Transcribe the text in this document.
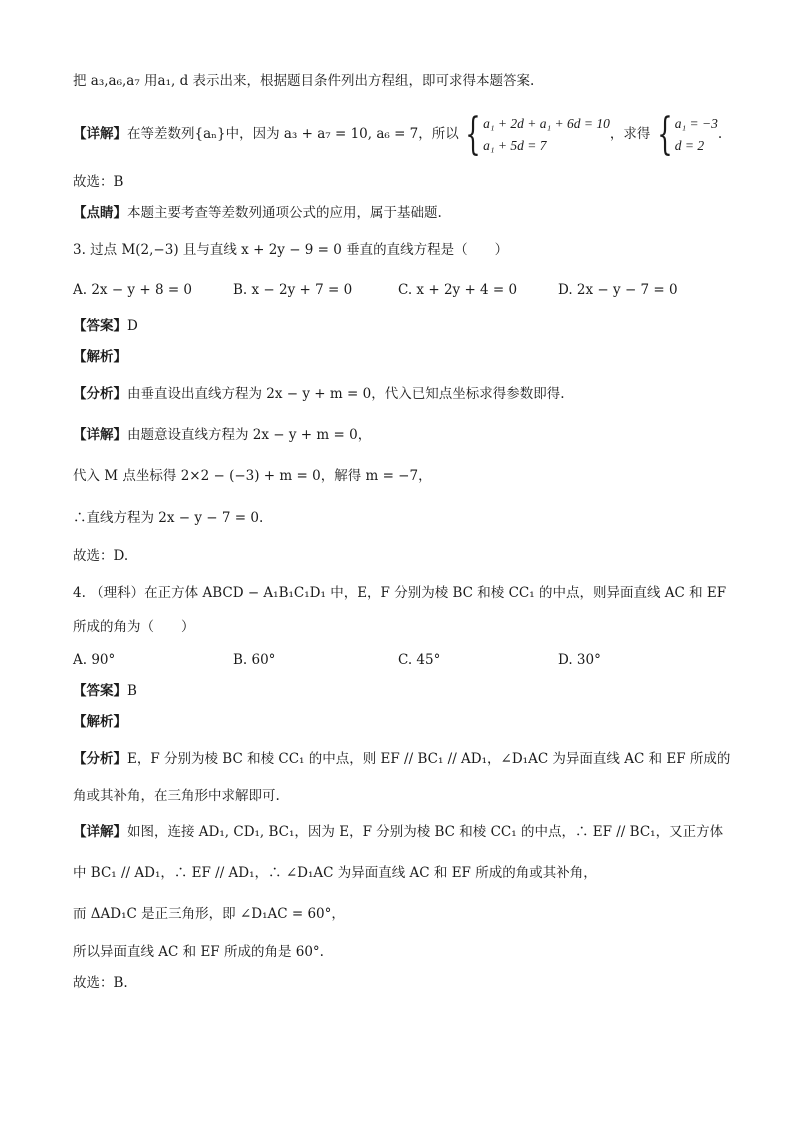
把 a₃,a₆,a₇ 用a₁, d 表示出来，根据题目条件列出方程组，即可求得本题答案.
【详解】在等差数列{aₙ}中，因为 a₃ + a₇ = 10, a₆ = 7，所以 { a₁ + 2d + a₁ + 6d = 10
a₁ + 5d = 7
，求得 { a₁ = −3
d = 2
.
故选：B
【点睛】本题主要考查等差数列通项公式的应用，属于基础题.
3. 过点 M(2,−3) 且与直线 x + 2y − 9 = 0 垂直的直线方程是（　　）
A. 2x − y + 8 = 0	B. x − 2y + 7 = 0	C. x + 2y + 4 = 0	D. 2x − y − 7 = 0
【答案】D
【解析】
【分析】由垂直设出直线方程为 2x − y + m = 0，代入已知点坐标求得参数即得.
【详解】由题意设直线方程为 2x − y + m = 0，
代入 M 点坐标得 2×2 − (−3) + m = 0，解得 m = −7，
∴直线方程为 2x − y − 7 = 0.
故选：D.
4. （理科）在正方体 ABCD − A₁B₁C₁D₁ 中，E，F 分别为棱 BC 和棱 CC₁ 的中点，则异面直线 AC 和 EF
所成的角为（　　）
A. 90°	B. 60°	C. 45°	D. 30°
【答案】B
【解析】
【分析】E，F 分别为棱 BC 和棱 CC₁ 的中点，则 EF // BC₁ // AD₁，∠D₁AC 为异面直线 AC 和 EF 所成的
角或其补角，在三角形中求解即可.
【详解】如图，连接 AD₁, CD₁, BC₁，因为 E，F 分别为棱 BC 和棱 CC₁ 的中点，∴ EF // BC₁，又正方体
中 BC₁ // AD₁，∴ EF // AD₁，∴ ∠D₁AC 为异面直线 AC 和 EF 所成的角或其补角，
而 ΔAD₁C 是正三角形，即 ∠D₁AC = 60°，
所以异面直线 AC 和 EF 所成的角是 60°.
故选：B.
